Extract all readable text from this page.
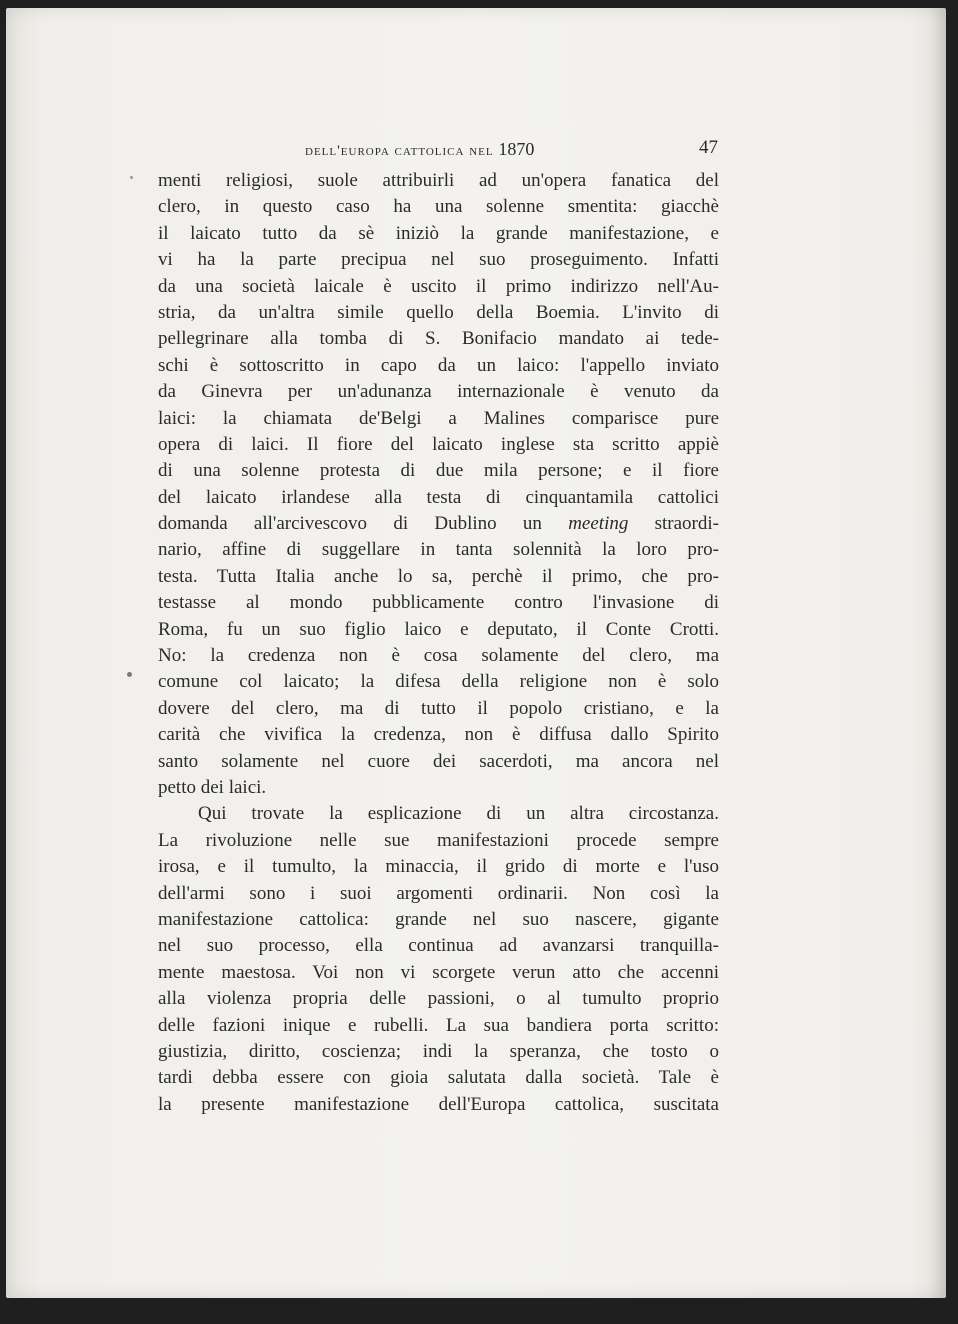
dell'europa cattolica nel 1870	47
menti religiosi, suole attribuirli ad un'opera fanatica del
clero, in questo caso ha una solenne smentita: giacchè
il laicato tutto da sè iniziò la grande manifestazione, e
vi ha la parte precipua nel suo proseguimento. Infatti
da una società laicale è uscito il primo indirizzo nell'Au-
stria, da un'altra simile quello della Boemia. L'invito di
pellegrinare alla tomba di S. Bonifacio mandato ai tede-
schi è sottoscritto in capo da un laico: l'appello inviato
da Ginevra per un'adunanza internazionale è venuto da
laici: la chiamata de'Belgi a Malines comparisce pure
opera di laici. Il fiore del laicato inglese sta scritto appiè
di una solenne protesta di due mila persone; e il fiore
del laicato irlandese alla testa di cinquantamila cattolici
domanda all'arcivescovo di Dublino un meeting straordi-
nario, affine di suggellare in tanta solennità la loro pro-
testa. Tutta Italia anche lo sa, perchè il primo, che pro-
testasse al mondo pubblicamente contro l'invasione di
Roma, fu un suo figlio laico e deputato, il Conte Crotti.
No: la credenza non è cosa solamente del clero, ma
comune col laicato; la difesa della religione non è solo
dovere del clero, ma di tutto il popolo cristiano, e la
carità che vivifica la credenza, non è diffusa dallo Spirito
santo solamente nel cuore dei sacerdoti, ma ancora nel
petto dei laici.
Qui trovate la esplicazione di un altra circostanza.
La rivoluzione nelle sue manifestazioni procede sempre
irosa, e il tumulto, la minaccia, il grido di morte e l'uso
dell'armi sono i suoi argomenti ordinarii. Non così la
manifestazione cattolica: grande nel suo nascere, gigante
nel suo processo, ella continua ad avanzarsi tranquilla-
mente maestosa. Voi non vi scorgete verun atto che accenni
alla violenza propria delle passioni, o al tumulto proprio
delle fazioni inique e rubelli. La sua bandiera porta scritto:
giustizia, diritto, coscienza; indi la speranza, che tosto o
tardi debba essere con gioia salutata dalla società. Tale è
la presente manifestazione dell'Europa cattolica, suscitata
